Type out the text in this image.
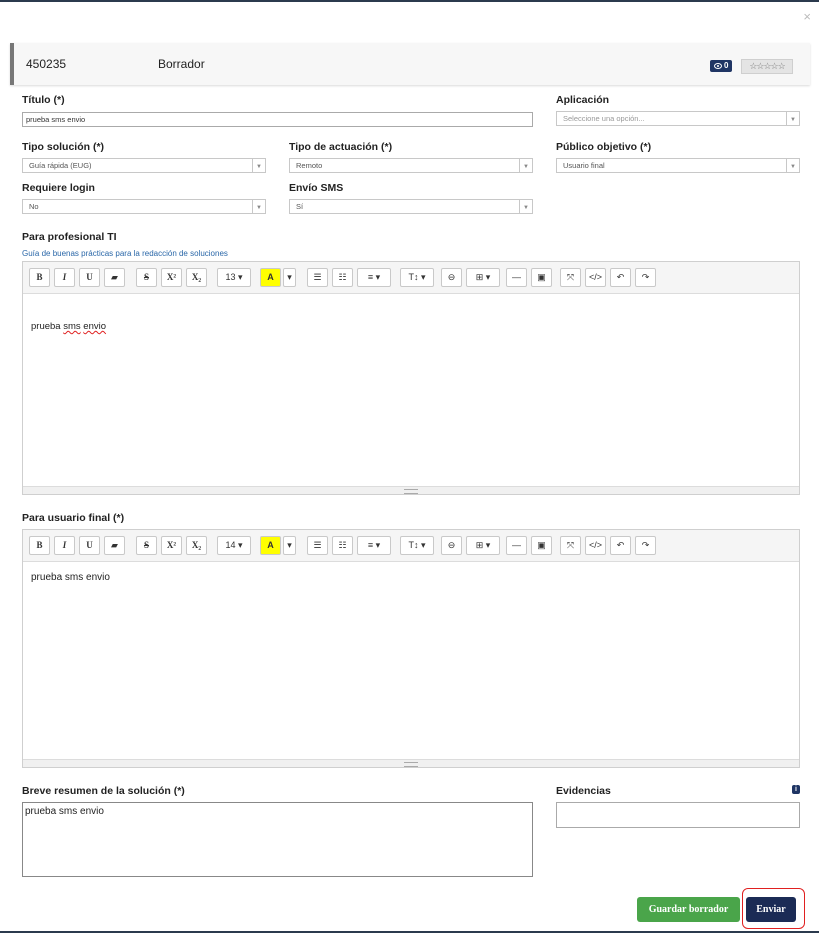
×
450235	Borrador	0	☆☆☆☆☆
Título (*)
prueba sms envio
Aplicación
Seleccione una opción...	▼
Tipo solución (*)
Guía rápida (EUG)	▼
Tipo de actuación (*)
Remoto	▼
Público objetivo (*)
Usuario final	▼
Requiere login
No	▼
Envío SMS
Sí	▼
Para profesional TI
Guía de buenas prácticas para la redacción de soluciones
B	I	U	▰	S	X²	X₂	13 ▾	A	▾	☰	☷	≡ ▾	T↕ ▾	⊖	⊞ ▾	—	▣	⤧	</>	↶	↷
prueba sms envio
Para usuario final (*)
B	I	U	▰	S	X²	X₂	14 ▾	A	▾	☰	☷	≡ ▾	T↕ ▾	⊖	⊞ ▾	—	▣	⤧	</>	↶	↷
prueba sms envio
Breve resumen de la solución (*)
prueba sms envio
Evidencias	i
Guardar borrador	Enviar
